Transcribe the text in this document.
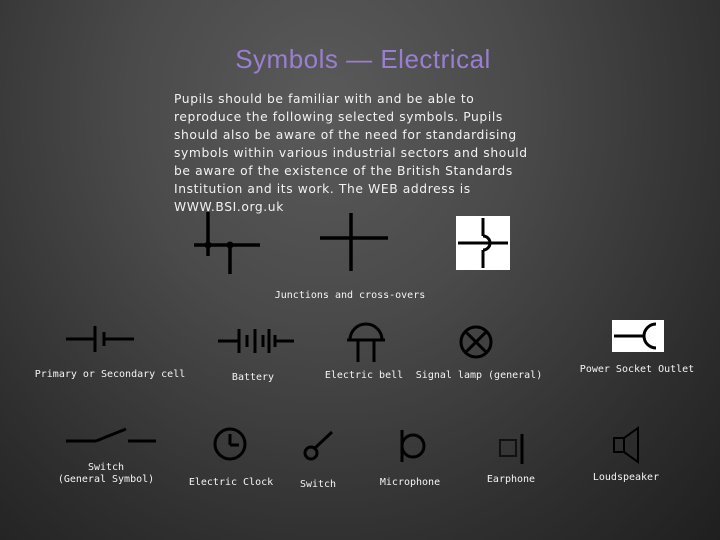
Symbols — Electrical
Pupils should be familiar with and be able to reproduce the following selected symbols. Pupils should also be aware of the need for standardising symbols within various industrial sectors and should be aware of the existence of the British Standards Institution and its work. The WEB address is WWW.BSI.org.uk
Junctions and cross-overs
Primary or Secondary cell	Battery	Electric bell Signal lamp (general)
Power Socket Outlet
Switch
(General Symbol)	Electric Clock	Switch	Microphone	Earphone	Loudspeaker
